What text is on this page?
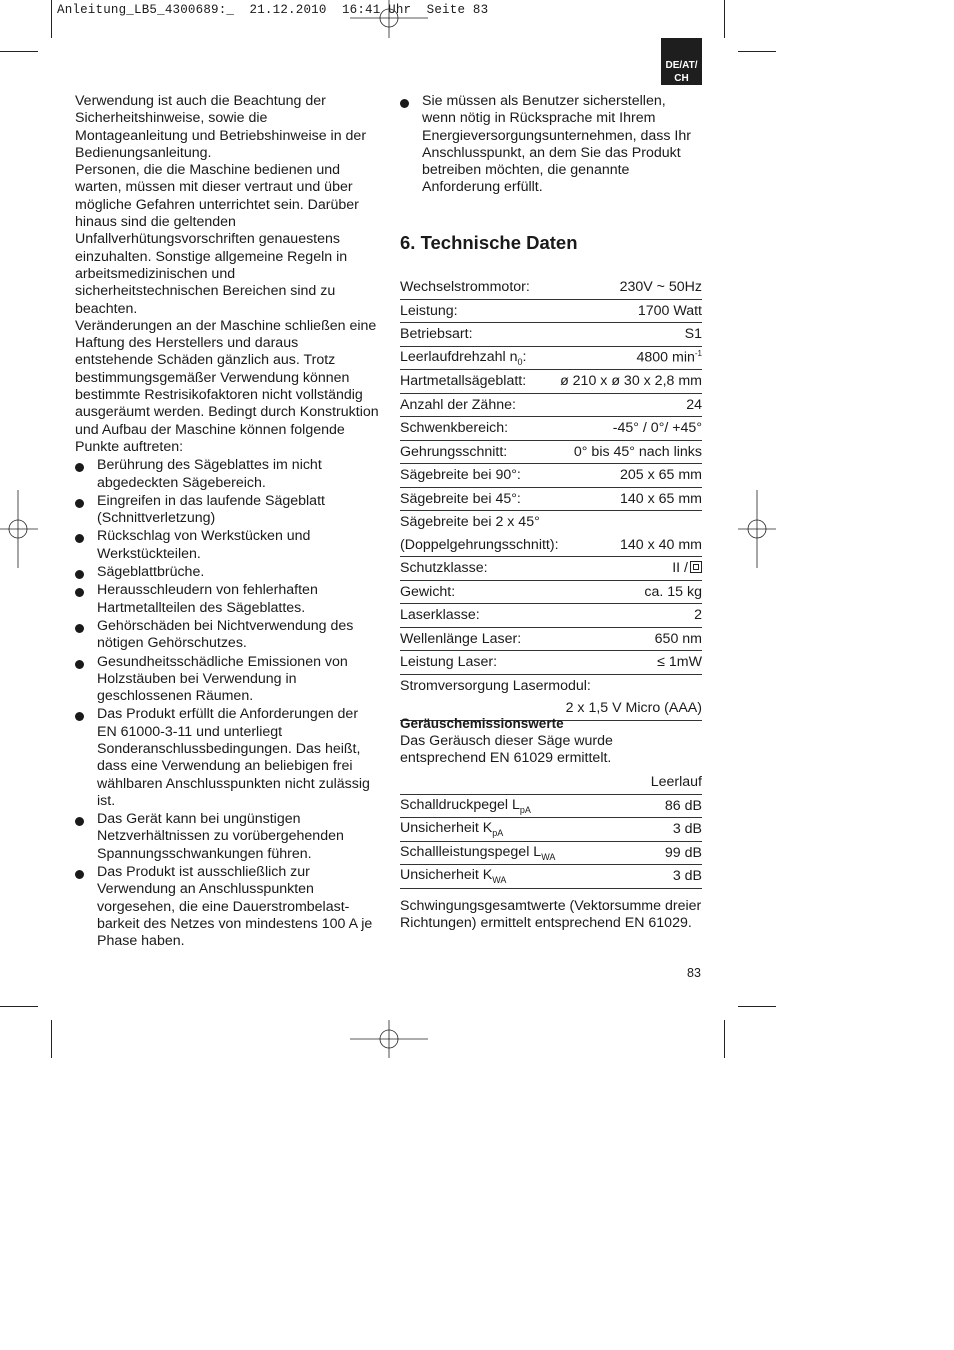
Anleitung_LB5_4300689:_  21.12.2010  16:41 Uhr  Seite 83
DE/AT/
CH

Verwendung ist auch die Beachtung der Sicherheitshinweise, sowie die Montageanleitung und Betriebshinweise in der Bedienungsanleitung.

Personen, die die Maschine bedienen und warten, müssen mit dieser vertraut und über mögliche Gefahren unterrichtet sein. Darüber hinaus sind die geltenden Unfallverhütungsvorschriften genauestens einzuhalten. Sonstige allgemeine Regeln in arbeitsmedizinischen und sicherheitstechnischen Bereichen sind zu beachten.

Veränderungen an der Maschine schließen eine Haftung des Herstellers und daraus entstehende Schäden gänzlich aus. Trotz bestimmungsgemäßer Verwendung können bestimmte Restrisikofaktoren nicht vollständig ausgeräumt werden. Bedingt durch Konstruktion und Aufbau der Maschine können folgende Punkte auftreten:

Berührung des Sägeblattes im nicht abgedeckten Sägebereich.
Eingreifen in das laufende Sägeblatt (Schnittverletzung)
Rückschlag von Werkstücken und Werkstückteilen.
Sägeblattbrüche.
Herausschleudern von fehlerhaften Hartmetallteilen des Sägeblattes.
Gehörschäden bei Nichtverwendung des nötigen Gehörschutzes.
Gesundheitsschädliche Emissionen von Holzstäuben bei Verwendung in geschlossenen Räumen.
Das Produkt erfüllt die Anforderungen der EN 61000-3-11 und unterliegt Sonderanschlussbedingungen. Das heißt, dass eine Verwendung an beliebigen frei wählbaren Anschlusspunkten nicht zulässig ist.
Das Gerät kann bei ungünstigen Netzverhältnissen zu vorübergehenden Spannungsschwankungen führen.
Das Produkt ist ausschließlich zur Verwendung an Anschlusspunkten vorgesehen, die eine Dauerstrombelast-barkeit des Netzes von mindestens 100 A je Phase haben.
Sie müssen als Benutzer sicherstellen, wenn nötig in Rücksprache mit Ihrem Energieversorgungsunternehmen, dass Ihr Anschlusspunkt, an dem Sie das Produkt betreiben möchten, die genannte Anforderung erfüllt.
6. Technische Daten
Wechselstrommotor:	230V ~ 50Hz
Leistung:	1700 Watt
Betriebsart:	S1
Leerlaufdrehzahl $n_0$:	4800 $\min^{-1}$
Hartmetallsägeblatt:	ø 210 x ø 30 x 2,8 mm
Anzahl der Zähne:	24
Schwenkbereich:	-45° / 0°/ +45°
Gehrungsschnitt:	0° bis 45° nach links
Sägebreite bei 90°:	205 x 65 mm
Sägebreite bei 45°:	140 x 65 mm
Sägebreite bei 2 x 45°	
(Doppelgehrungsschnitt):	140 x 40 mm
Schutzklasse:	II /
Gewicht:	ca. 15 kg
Laserklasse:	2
Wellenlänge Laser:	650 nm
Leistung Laser:	≤ 1mW
Stromversorgung Lasermodul:	
	2 x 1,5 V Micro (AAA)
Geräuschemissionswerte
Das Geräusch dieser Säge wurde entsprechend EN 61029 ermittelt.
	Leerlauf
Schalldruckpegel $L_{pA}$	86 dB
Unsicherheit $K_{pA}$	3 dB
Schallleistungspegel $L_{WA}$	99 dB
Unsicherheit $K_{WA}$	3 dB
Schwingungsgesamtwerte (Vektorsumme dreier Richtungen) ermittelt entsprechend EN 61029.
83
